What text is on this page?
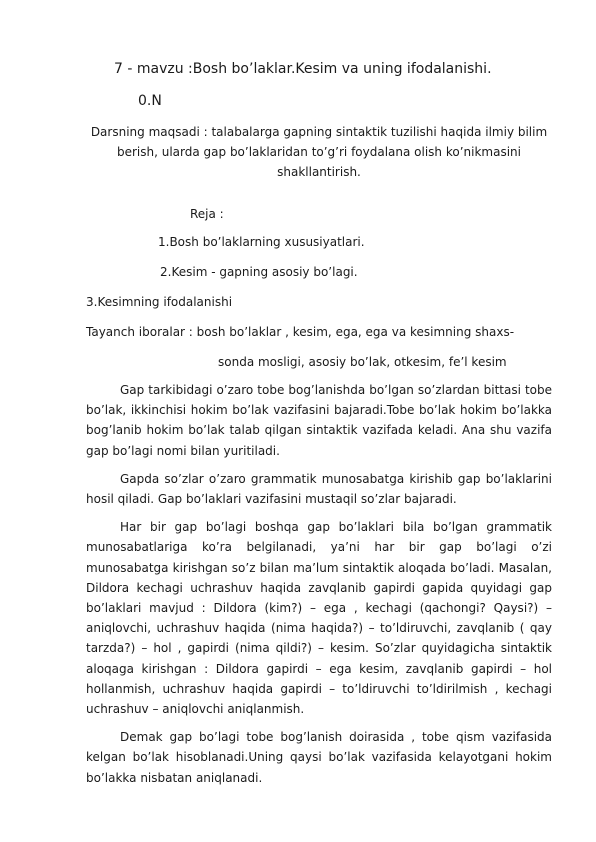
7 - mavzu :Bosh bo’laklar.Kesim va uning ifodalanishi.
0.N
Darsning maqsadi : talabalarga gapning sintaktik tuzilishi haqida ilmiy bilim berish, ularda gap bo’laklaridan to’g’ri foydalana olish ko’nikmasini shakllantirish.
Reja :
1.Bosh bo’laklarning xususiyatlari.
2.Kesim - gapning asosiy bo’lagi.
3.Kesimning ifodalanishi
Tayanch iboralar : bosh bo’laklar , kesim, ega, ega va kesimning shaxs-
sonda mosligi, asosiy bo’lak, otkesim, fe’l kesim

Gap tarkibidagi o’zaro tobe bog’lanishda bo’lgan so’zlardan bittasi tobe bo’lak, ikkinchisi hokim bo’lak vazifasini bajaradi.Tobe bo’lak hokim bo’lakka bog’lanib hokim bo’lak talab qilgan sintaktik vazifada keladi. Ana shu vazifa gap bo’lagi nomi bilan yuritiladi.

Gapda so’zlar o’zaro grammatik munosabatga kirishib gap bo’laklarini hosil qiladi. Gap bo’laklari vazifasini mustaqil so’zlar bajaradi.

Har bir gap bo’lagi boshqa gap bo’laklari bila bo’lgan grammatik munosabatlariga ko’ra belgilanadi, ya’ni har bir gap bo’lagi o’zi munosabatga kirishgan so’z bilan ma’lum sintaktik aloqada bo’ladi. Masalan, Dildora kechagi uchrashuv haqida zavqlanib gapirdi gapida quyidagi gap bo’laklari mavjud : Dildora (kim?) – ega , kechagi (qachongi? Qaysi?) – aniqlovchi, uchrashuv haqida (nima haqida?) – to’ldiruvchi, zavqlanib ( qay tarzda?) – hol , gapirdi (nima qildi?) – kesim. So’zlar quyidagicha sintaktik aloqaga kirishgan : Dildora gapirdi – ega kesim, zavqlanib gapirdi – hol hollanmish, uchrashuv haqida gapirdi – to’ldiruvchi to’ldirilmish , kechagi uchrashuv – aniqlovchi aniqlanmish.

Demak gap bo’lagi tobe bog’lanish doirasida , tobe qism vazifasida kelgan bo’lak hisoblanadi.Uning qaysi bo’lak vazifasida kelayotgani hokim bo’lakka nisbatan aniqlanadi.
